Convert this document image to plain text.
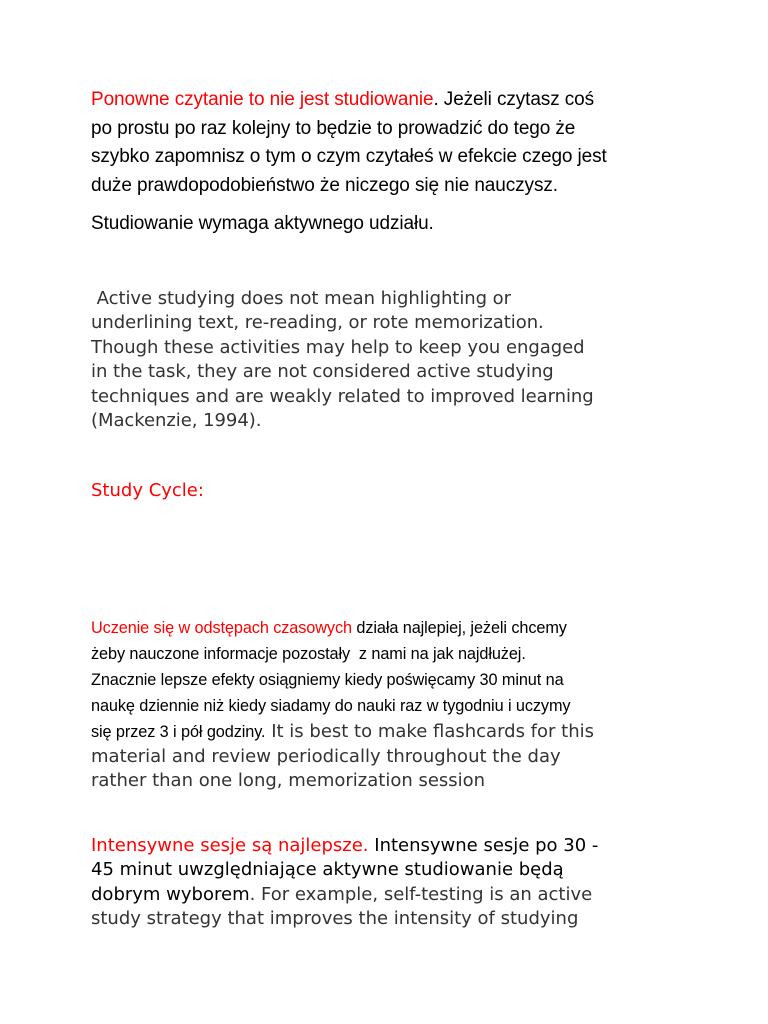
Ponowne czytanie to nie jest studiowanie. Jeżeli czytasz coś
po prostu po raz kolejny to będzie to prowadzić do tego że
szybko zapomnisz o tym o czym czytałeś w efekcie czego jest
duże prawdopodobieństwo że niczego się nie nauczysz.

Studiowanie wymaga aktywnego udziału.

Active studying does not mean highlighting or
underlining text, re-reading, or rote memorization.
Though these activities may help to keep you engaged
in the task, they are not considered active studying
techniques and are weakly related to improved learning
(Mackenzie, 1994).

Study Cycle:

Uczenie się w odstępach czasowych działa najlepiej, jeżeli chcemy
żeby nauczone informacje pozostały  z nami na jak najdłużej.
Znacznie lepsze efekty osiągniemy kiedy poświęcamy 30 minut na
naukę dziennie niż kiedy siadamy do nauki raz w tygodniu i uczymy
się przez 3 i pół godziny. It is best to make flashcards for this
material and review periodically throughout the day
rather than one long, memorization session

Intensywne sesje są najlepsze. Intensywne sesje po 30 -
45 minut uwzględniające aktywne studiowanie będą
dobrym wyborem. For example, self-testing is an active
study strategy that improves the intensity of studying
